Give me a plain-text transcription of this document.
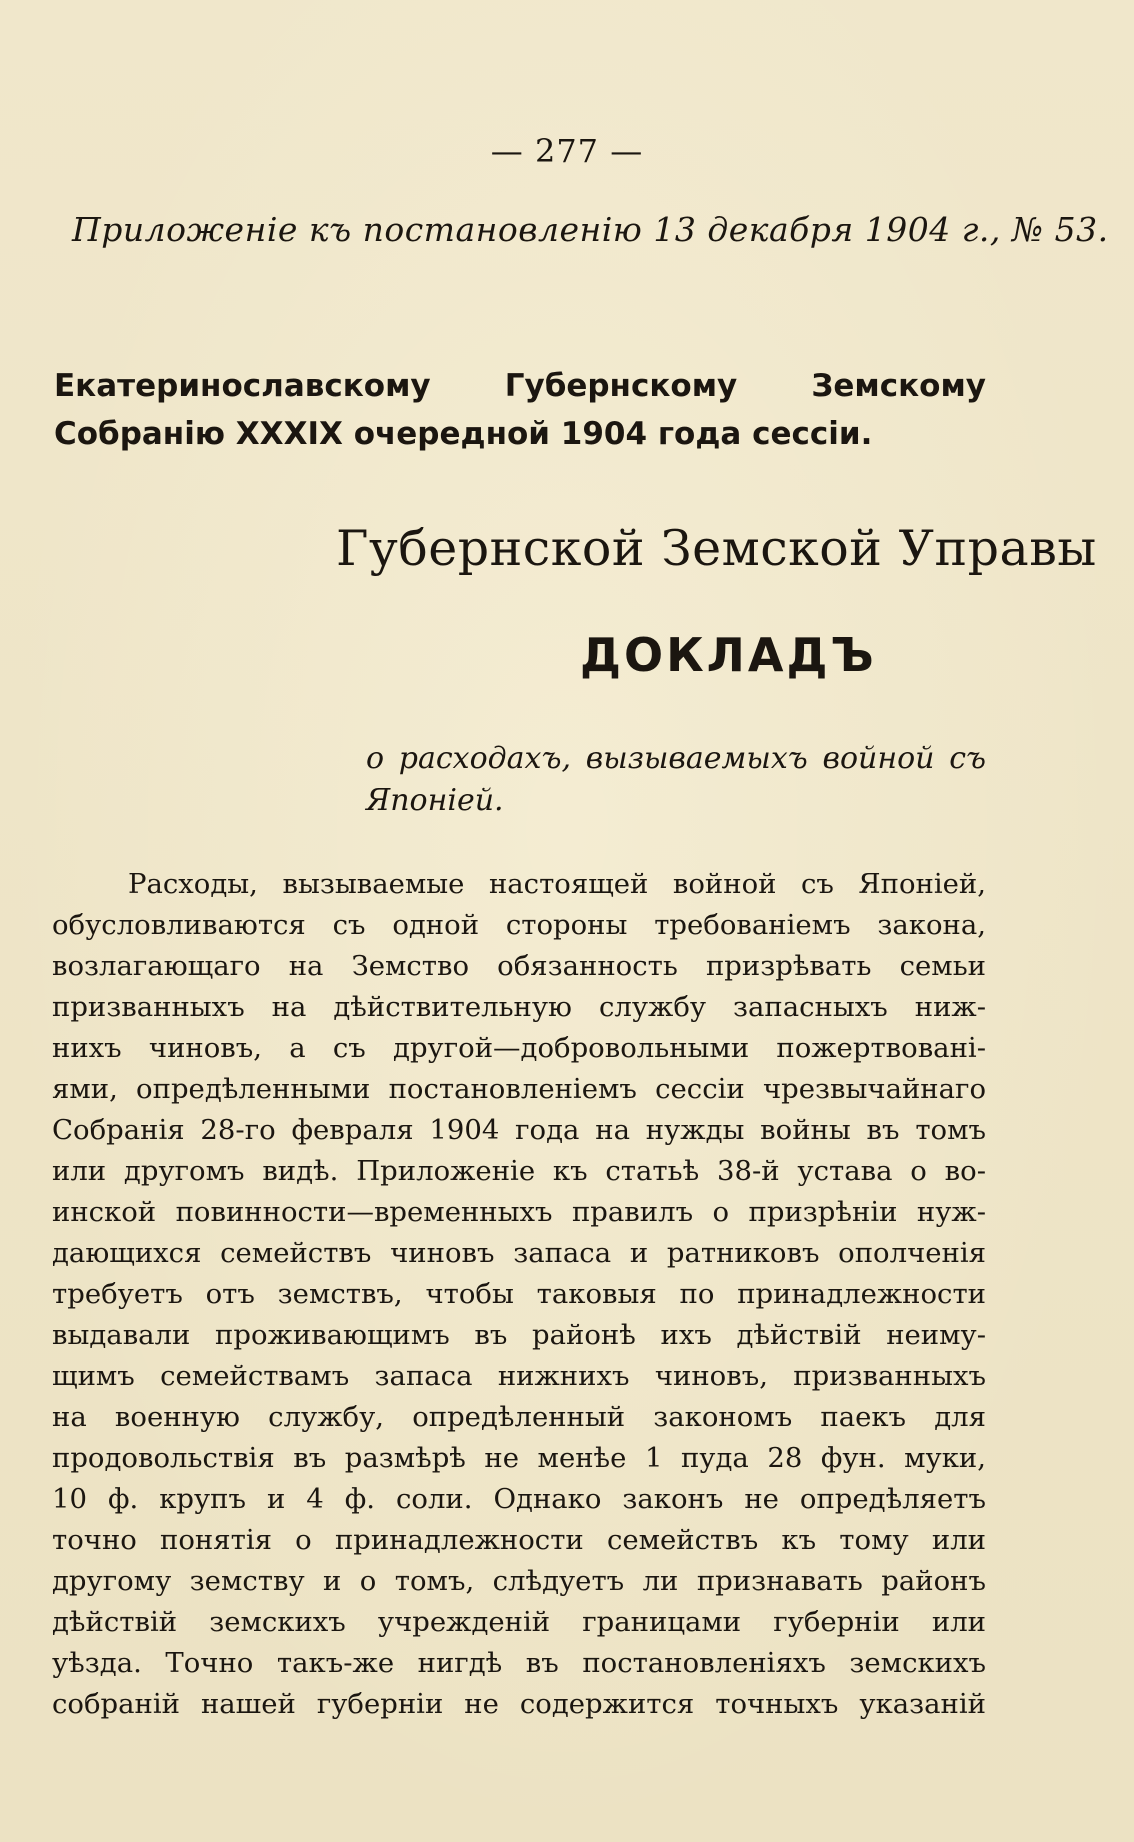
— 277 —
Приложеніе къ постановленію 13 декабря 1904 г., № 53.
Екатеринославскому Губернскому Земскому Собранію XXXIX очередной 1904 года сессіи.
Губернской Земской Управы
ДОКЛАДЪ
о расходахъ, вызываемыхъ войной съ Японіей.
Расходы, вызываемые настоящей войной съ Японіей,
обусловливаются съ одной стороны требованіемъ закона,
возлагающаго на Земство обязанность призрѣвать семьи
призванныхъ на дѣйствительную службу запасныхъ ниж-
нихъ чиновъ, а съ другой—добровольными пожертвовані-
ями, опредѣленными постановленіемъ сессіи чрезвычайнаго
Собранія 28-го февраля 1904 года на нужды войны въ томъ
или другомъ видѣ. Приложеніе къ статьѣ 38-й устава о во-
инской повинности—временныхъ правилъ о призрѣніи нуж-
дающихся семействъ чиновъ запаса и ратниковъ ополченія
требуетъ отъ земствъ, чтобы таковыя по принадлежности
выдавали проживающимъ въ районѣ ихъ дѣйствій неиму-
щимъ семействамъ запаса нижнихъ чиновъ, призванныхъ
на военную службу, опредѣленный закономъ паекъ для
продовольствія въ размѣрѣ не менѣе 1 пуда 28 фун. муки,
10 ф. крупъ и 4 ф. соли. Однако законъ не опредѣляетъ
точно понятія о принадлежности семействъ къ тому или
другому земству и о томъ, слѣдуетъ ли признавать районъ
дѣйствій земскихъ учрежденій границами губерніи или
уѣзда. Точно такъ-же нигдѣ въ постановленіяхъ земскихъ
собраній нашей губерніи не содержится точныхъ указаній
